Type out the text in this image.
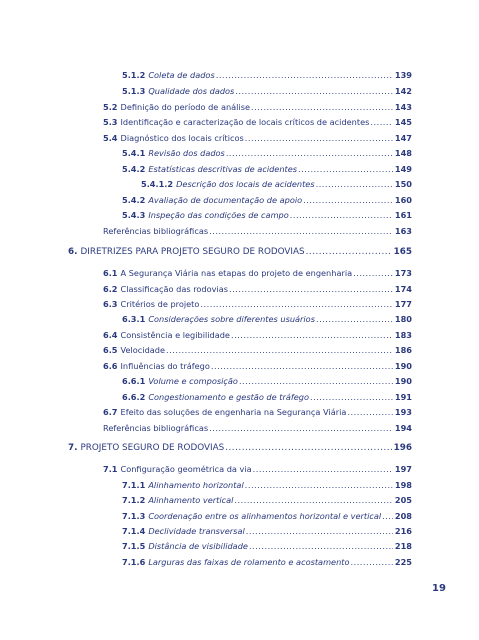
5.1.2 Coleta de dados .....	139
5.1.3 Qualidade dos dados .....	142
5.2 Definição do período de análise .....	143
5.3 Identificação e caracterização de locais críticos de acidentes .....	145
5.4 Diagnóstico dos locais críticos .....	147
5.4.1 Revisão dos dados .....	148
5.4.2 Estatísticas descritivas de acidentes .....	149
5.4.1.2 Descrição dos locais de acidentes .....	150
5.4.2 Avaliação de documentação de apoio .....	160
5.4.3 Inspeção das condições de campo .....	161
Referências bibliográficas .....	163
6. DIRETRIZES PARA PROJETO SEGURO DE RODOVIAS .....	165
6.1 A Segurança Viária nas etapas do projeto de engenharia .....	173
6.2 Classificação das rodovias .....	174
6.3 Critérios de projeto .....	177
6.3.1 Considerações sobre diferentes usuários .....	180
6.4 Consistência e legibilidade .....	183
6.5 Velocidade .....	186
6.6 Influências do tráfego .....	190
6.6.1 Volume e composição .....	190
6.6.2 Congestionamento e gestão de tráfego .....	191
6.7 Efeito das soluções de engenharia na Segurança Viária .....	193
Referências bibliográficas .....	194
7. PROJETO SEGURO DE RODOVIAS .....	196
7.1 Configuração geométrica da via .....	197
7.1.1 Alinhamento horizontal .....	198
7.1.2 Alinhamento vertical .....	205
7.1.3 Coordenação entre os alinhamentos horizontal e vertical ..... 208
7.1.4 Declividade transversal .....	216
7.1.5 Distância de visibilidade .....	218
7.1.6 Larguras das faixas de rolamento e acostamento .....	225
19
